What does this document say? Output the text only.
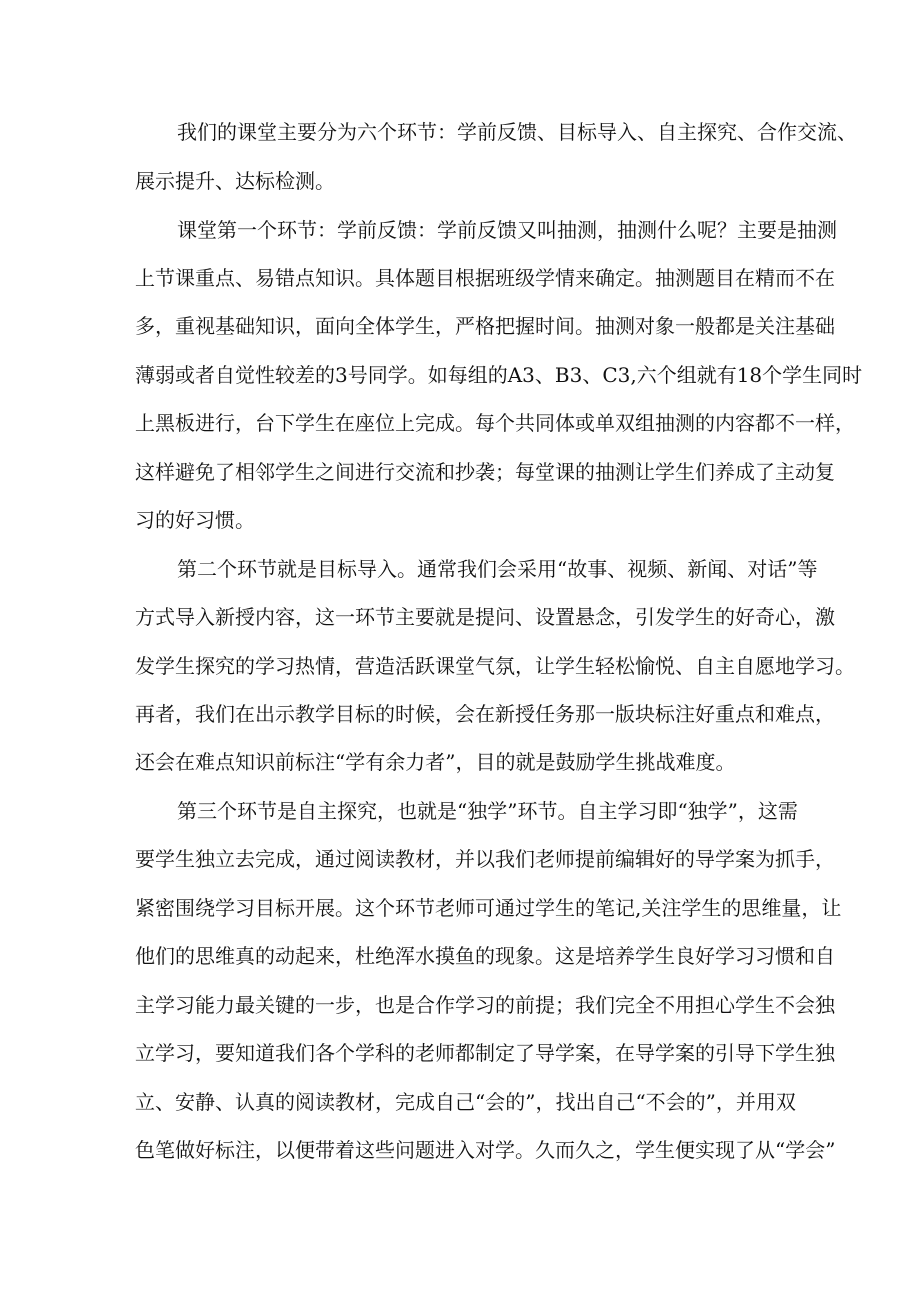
我们的课堂主要分为六个环节：学前反馈、目标导入、自主探究、合作交流、
展示提升、达标检测。
课堂第一个环节：学前反馈：学前反馈又叫抽测，抽测什么呢？主要是抽测
上节课重点、易错点知识。具体题目根据班级学情来确定。抽测题目在精而不在
多，重视基础知识，面向全体学生，严格把握时间。抽测对象一般都是关注基础
薄弱或者自觉性较差的3号同学。如每组的A3、B3、C3,六个组就有18个学生同时
上黑板进行，台下学生在座位上完成。每个共同体或单双组抽测的内容都不一样，
这样避免了相邻学生之间进行交流和抄袭；每堂课的抽测让学生们养成了主动复
习的好习惯。
第二个环节就是目标导入。通常我们会采用“故事、视频、新闻、对话”等
方式导入新授内容，这一环节主要就是提问、设置悬念，引发学生的好奇心，激
发学生探究的学习热情，营造活跃课堂气氛，让学生轻松愉悦、自主自愿地学习。
再者，我们在出示教学目标的时候，会在新授任务那一版块标注好重点和难点，
还会在难点知识前标注“学有余力者”，目的就是鼓励学生挑战难度。
第三个环节是自主探究，也就是“独学”环节。自主学习即“独学”，这需
要学生独立去完成，通过阅读教材，并以我们老师提前编辑好的导学案为抓手，
紧密围绕学习目标开展。这个环节老师可通过学生的笔记,关注学生的思维量，让
他们的思维真的动起来，杜绝浑水摸鱼的现象。这是培养学生良好学习习惯和自
主学习能力最关键的一步，也是合作学习的前提；我们完全不用担心学生不会独
立学习，要知道我们各个学科的老师都制定了导学案，在导学案的引导下学生独
立、安静、认真的阅读教材，完成自己“会的”，找出自己“不会的”，并用双
色笔做好标注，以便带着这些问题进入对学。久而久之，学生便实现了从“学会”
